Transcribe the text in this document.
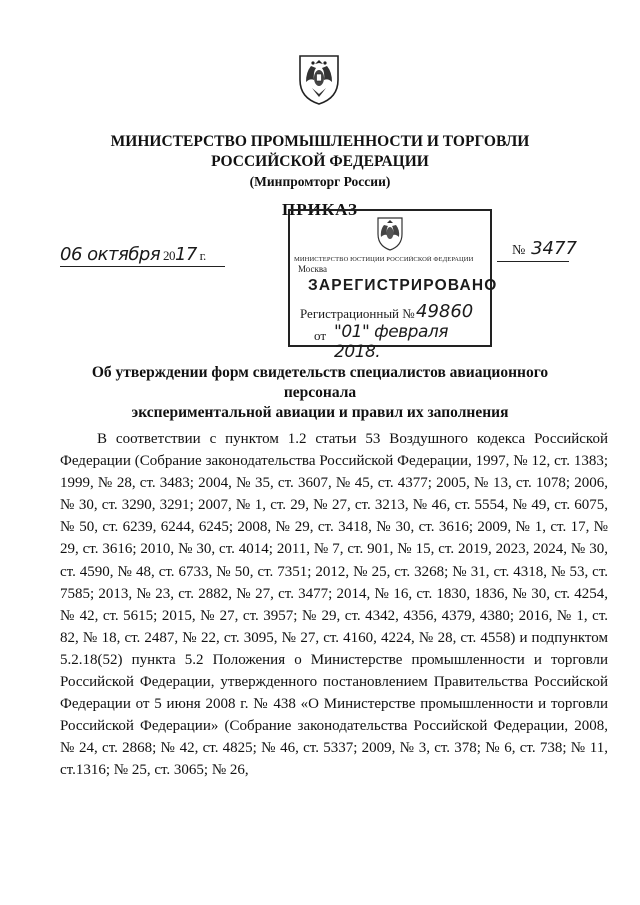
МИНИСТЕРСТВО ПРОМЫШЛЕННОСТИ И ТОРГОВЛИ
РОССИЙСКОЙ ФЕДЕРАЦИИ
(Минпромторг России)
ПРИКАЗ
06 октября 2017 г.	№ 3477
МИНИСТЕРСТВО ЮСТИЦИИ РОССИЙСКОЙ ФЕДЕРАЦИИ
Москва
ЗАРЕГИСТРИРОВАНО
Регистрационный № 49860
от "01" февраля 2018.
Об утверждении форм свидетельств специалистов авиационного персонала
экспериментальной авиации и правил их заполнения
В соответствии с пунктом 1.2 статьи 53 Воздушного кодекса Российской Федерации (Собрание законодательства Российской Федерации, 1997, № 12, ст. 1383; 1999, № 28, ст. 3483; 2004, № 35, ст. 3607, № 45, ст. 4377; 2005, № 13, ст. 1078; 2006, № 30, ст. 3290, 3291; 2007, № 1, ст. 29, № 27, ст. 3213, № 46, ст. 5554, № 49, ст. 6075, № 50, ст. 6239, 6244, 6245; 2008, № 29, ст. 3418, № 30, ст. 3616; 2009, № 1, ст. 17, № 29, ст. 3616; 2010, № 30, ст. 4014; 2011, № 7, ст. 901, № 15, ст. 2019, 2023, 2024, № 30, ст. 4590, № 48, ст. 6733, № 50, ст. 7351; 2012, № 25, ст. 3268; № 31, ст. 4318, № 53, ст. 7585; 2013, № 23, ст. 2882, № 27, ст. 3477; 2014, № 16, ст. 1830, 1836, № 30, ст. 4254, № 42, ст. 5615; 2015, № 27, ст. 3957; № 29, ст. 4342, 4356, 4379, 4380; 2016, № 1, ст. 82, № 18, ст. 2487, № 22, ст. 3095, № 27, ст. 4160, 4224, № 28, ст. 4558) и подпунктом 5.2.18(52) пункта 5.2 Положения о Министерстве промышленности и торговли Российской Федерации, утвержденного постановлением Правительства Российской Федерации от 5 июня 2008 г. № 438 «О Министерстве промышленности и торговли Российской Федерации» (Собрание законодательства Российской Федерации, 2008, № 24, ст. 2868; № 42, ст. 4825; № 46, ст. 5337; 2009, № 3, ст. 378; № 6, ст. 738; № 11, ст.1316; № 25, ст. 3065; № 26,
